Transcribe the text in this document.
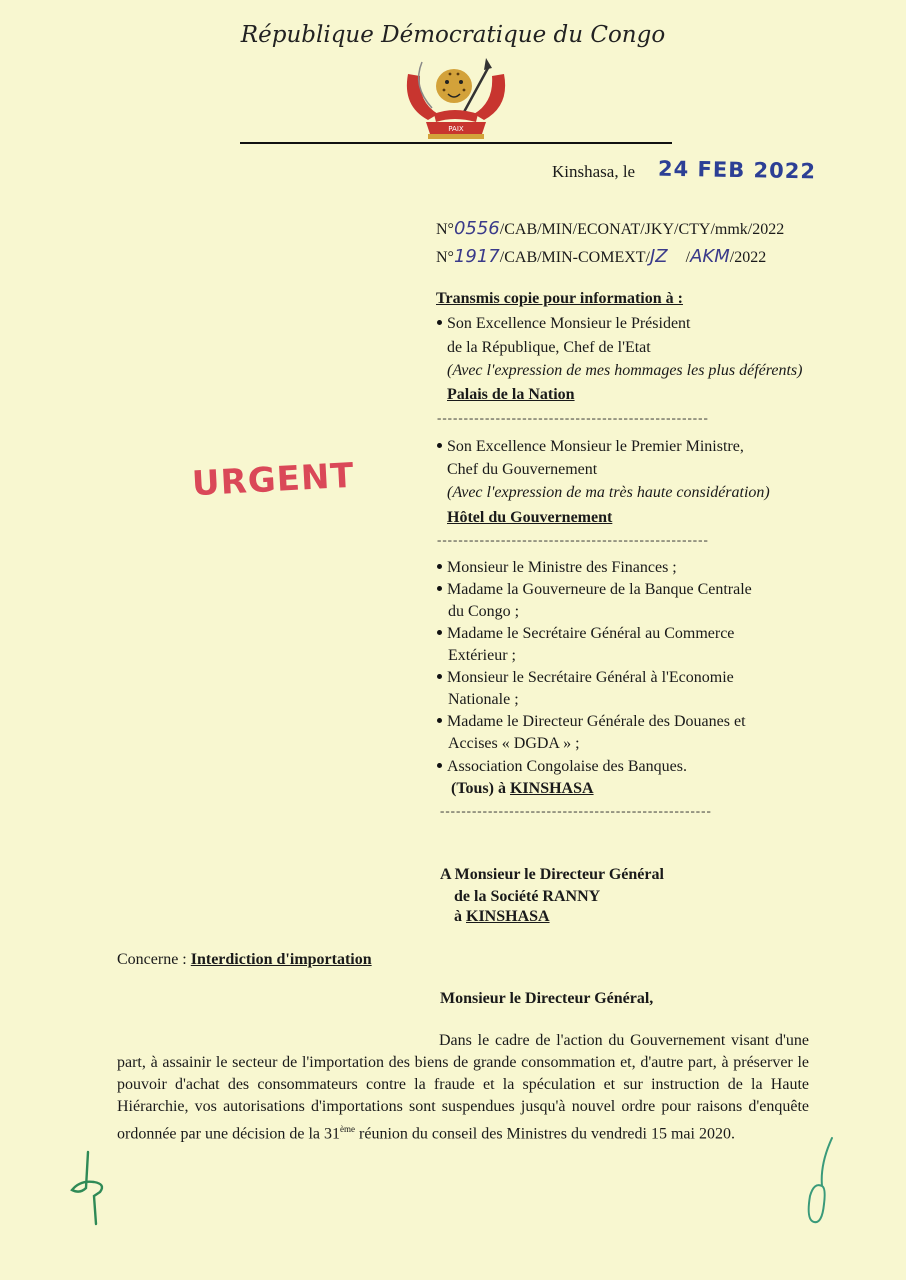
République Démocratique du Congo
PAIX
Kinshasa, le 24 FEB 2022
N°0556/CAB/MIN/ECONAT/JKY/CTY/mmk/2022
N°1917/CAB/MIN-COMEXT/JZ /AKM/2022
Transmis copie pour information à :
Son Excellence Monsieur le Président
de la République, Chef de l'Etat
(Avec l'expression de mes hommages les plus déférents)
Palais de la Nation
---------------------------------------------------
Son Excellence Monsieur le Premier Ministre,
Chef du Gouvernement
(Avec l'expression de ma très haute considération)
Hôtel du Gouvernement
---------------------------------------------------
Monsieur le Ministre des Finances ;
Madame la Gouverneure de la Banque Centrale
du Congo ;
Madame le Secrétaire Général au Commerce
Extérieur ;
Monsieur le Secrétaire Général à l'Economie
Nationale ;
Madame le Directeur Générale des Douanes et
Accises « DGDA » ;
Association Congolaise des Banques.
(Tous) à KINSHASA
---------------------------------------------------
URGENT
A Monsieur le Directeur Général
de la Société RANNY
à KINSHASA
Concerne : Interdiction d'importation
Monsieur le Directeur Général,
Dans le cadre de l'action du Gouvernement visant d'une part, à assainir le secteur de l'importation des biens de grande consommation et, d'autre part, à préserver le pouvoir d'achat des consommateurs contre la fraude et la spéculation et sur instruction de la Haute Hiérarchie, vos autorisations d'importations sont suspendues jusqu'à nouvel ordre pour raisons d'enquête ordonnée par une décision de la 31ème réunion du conseil des Ministres du vendredi 15 mai 2020.
